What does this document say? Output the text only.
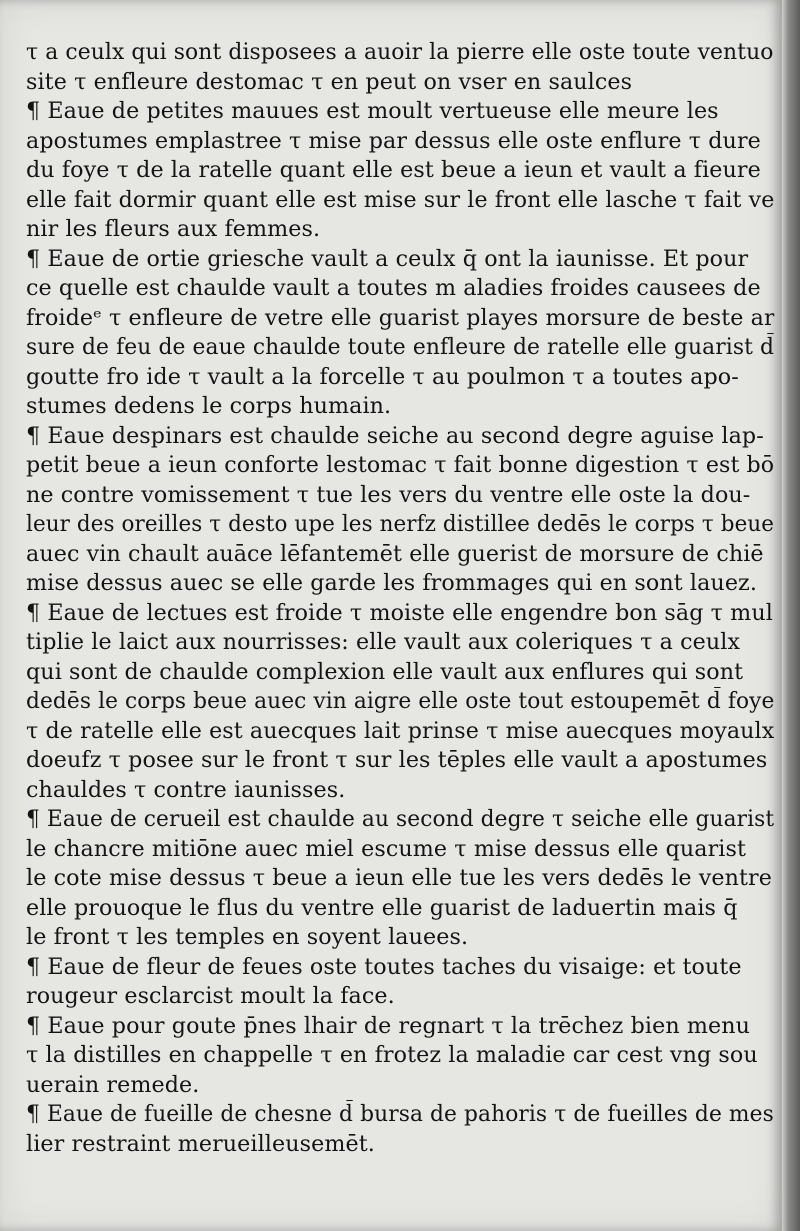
τ a ceulx qui sont disposees a auoir la pierre elle oste toute ventuo
site τ enfleure destomac τ en peut on vser en saulces
¶ Eaue de petites mauues est moult vertueuse elle meure les
apostumes emplastree τ mise par dessus elle oste enflure τ dure
du foye τ de la ratelle quant elle est beue a ieun et vault a fieure
elle fait dormir quant elle est mise sur le front elle lasche τ fait ve
nir les fleurs aux femmes.
¶ Eaue de ortie griesche vault a ceulx q̄ ont la iaunisse. Et pour
ce quelle est chaulde vault a toutes m aladies froides causees de
froideᵉ τ enfleure de vetre elle guarist playes morsure de beste ar
sure de feu de eaue chaulde toute enfleure de ratelle elle guarist d̄
goutte fro ide τ vault a la forcelle τ au poulmon τ a toutes apo-
stumes dedens le corps humain.
¶ Eaue despinars est chaulde seiche au second degre aguise lap-
petit beue a ieun conforte lestomac τ fait bonne digestion τ est bō
ne contre vomissement τ tue les vers du ventre elle oste la dou-
leur des oreilles τ desto upe les nerfz distillee dedēs le corps τ beue
auec vin chault auāce lēfantemēt elle guerist de morsure de chiē
mise dessus auec se elle garde les frommages qui en sont lauez.
¶ Eaue de lectues est froide τ moiste elle engendre bon sāg τ mul
tiplie le laict aux nourrisses: elle vault aux coleriques τ a ceulx
qui sont de chaulde complexion elle vault aux enflures qui sont
dedēs le corps beue auec vin aigre elle oste tout estoupemēt d̄ foye
τ de ratelle elle est auecques lait prinse τ mise auecques moyaulx
doeufz τ posee sur le front τ sur les tēples elle vault a apostumes
chauldes τ contre iaunisses.
¶ Eaue de cerueil est chaulde au second degre τ seiche elle guarist
le chancre mitiōne auec miel escume τ mise dessus elle quarist
le cote mise dessus τ beue a ieun elle tue les vers dedēs le ventre
elle prouoque le flus du ventre elle guarist de laduertin mais q̄
le front τ les temples en soyent lauees.
¶ Eaue de fleur de feues oste toutes taches du visaige: et toute
rougeur esclarcist moult la face.
¶ Eaue pour goute p̄nes lhair de regnart τ la trēchez bien menu
τ la distilles en chappelle τ en frotez la maladie car cest vng sou
uerain remede.
¶ Eaue de fueille de chesne d̄ bursa de pahoris τ de fueilles de mes
lier restraint merueilleusemēt.
